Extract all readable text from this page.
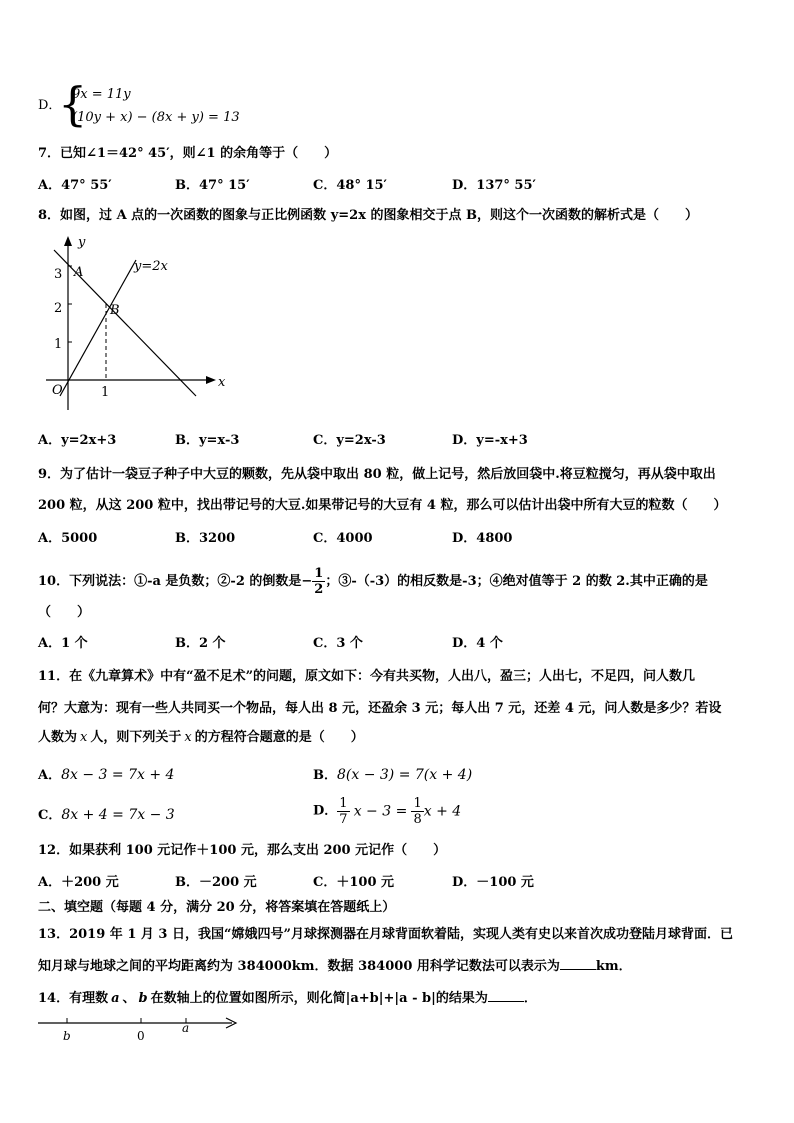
D．
{
9x = 11y
(10y + x) − (8x + y) = 13
7．已知∠1＝42° 45′，则∠1 的余角等于（　　）
A．47° 55′	B．47° 15′	C．48° 15′	D．137° 55′
8．如图，过 A 点的一次函数的图象与正比例函数 y=2x 的图象相交于点 B，则这个一次函数的解析式是（　　）
y
x
O
A
B
y=2x
3
2
1
1
A．y=2x+3	B．y=x-3	C．y=2x-3	D．y=-x+3
9．为了估计一袋豆子种子中大豆的颗数，先从袋中取出 80 粒，做上记号，然后放回袋中.将豆粒搅匀，再从袋中取出
200 粒，从这 200 粒中，找出带记号的大豆.如果带记号的大豆有 4 粒，那么可以估计出袋中所有大豆的粒数（　　）
A．5000	B．3200	C．4000	D．4800
10．下列说法：①-a 是负数；②-2 的倒数是− $\frac{1}{2}$ ；③-（-3）的相反数是-3；④绝对值等于 2 的数 2.其中正确的是
（　　）
A．1 个	B．2 个	C．3 个	D．4 个
11．在《九章算术》中有“盈不足术”的问题，原文如下：今有共买物，人出八，盈三；人出七，不足四，问人数几
何？大意为：现有一些人共同买一个物品，每人出 8 元，还盈余 3 元；每人出 7 元，还差 4 元，问人数是多少？若设
人数为 x 人，则下列关于 x 的方程符合题意的是（　　）
A．8x − 3 = 7x + 4	B．8(x − 3) = 7(x + 4)
C．8x + 4 = 7x − 3	D． $\frac{1}{7}$ $x - 3 = \frac{1}{8}$ x + 4
12．如果获利 100 元记作＋100 元，那么支出 200 元记作（　　）
A．＋200 元	B．－200 元	C．＋100 元	D．－100 元
二、填空题（每题 4 分，满分 20 分，将答案填在答题纸上）
13．2019 年 1 月 3 日，我国“嫦娥四号”月球探测器在月球背面软着陆，实现人类有史以来首次成功登陆月球背面．已
知月球与地球之间的平均距离约为 384000km．数据 384000 用科学记数法可以表示为	km．
14．有理数 a 、 b 在数轴上的位置如图所示，则化简|a+b|+|a - b|的结果为	．
b	0
a
